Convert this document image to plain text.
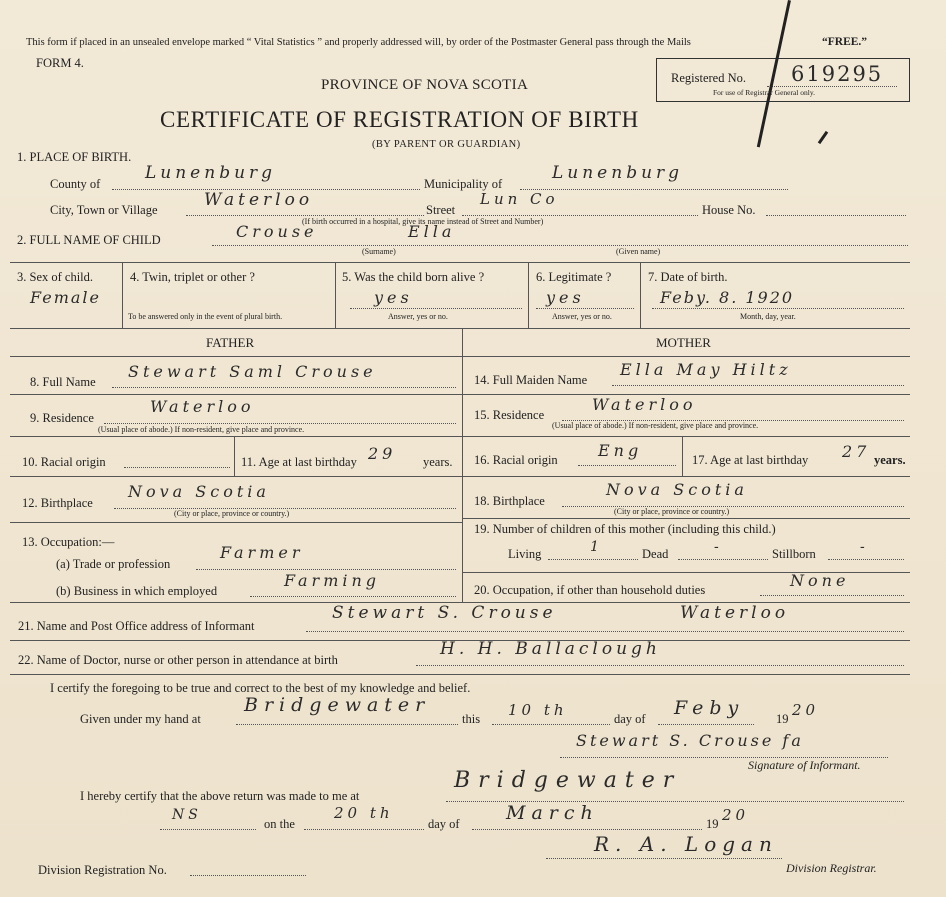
This form if placed in an unsealed envelope marked “ Vital Statistics ” and properly addressed will, by order of the Postmaster General pass through the Mails	“FREE.”
FORM 4.
PROVINCE OF NOVA SCOTIA
CERTIFICATE OF REGISTRATION OF BIRTH
(BY PARENT OR GUARDIAN)
Registered No. 619295
For use of Registrar General only.
1. PLACE OF BIRTH.
County of
Lunenburg
Municipality of
Lunenburg
City, Town or Village	Waterloo	Street
Lun Co
House No.
(If birth occurred in a hospital, give its name instead of Street and Number)
2. FULL NAME OF CHILD	Crouse	Ella
(Surname)	(Given name)
3. Sex of child.
Female
4. Twin, triplet or other ?
To be answered only in the event of plural birth.
5. Was the child born alive ?
yes
Answer, yes or no.
6. Legitimate ?
yes
Answer, yes or no.
7. Date of birth.
Feby. 8. 1920
Month, day, year.
FATHER	MOTHER
8. Full Name
Stewart Saml Crouse
9. Residence
Waterloo
(Usual place of abode.) If non-resident, give place and province.
10. Racial origin	11. Age at last birthday 29 years.
12. Birthplace
Nova Scotia
(City or place, province or country.)
13. Occupation:—
(a) Trade or profession
Farmer
(b) Business in which employed
Farming
14. Full Maiden Name
Ella May Hiltz
15. Residence
Waterloo
(Usual place of abode.) If non-resident, give place and province.
16. Racial origin	Eng	17. Age at last birthday 27 years.
18. Birthplace
Nova Scotia
(City or place, province or country.)
19. Number of children of this mother (including this child.)
Living	1	Dead	-	Stillborn	-
20. Occupation, if other than household duties	None
21. Name and Post Office address of Informant
Stewart S. Crouse	Waterloo
22. Name of Doctor, nurse or other person in attendance at birth
H. H. Ballaclough
I certify the foregoing to be true and correct to the best of my knowledge and belief.
Given under my hand at
Bridgewater
this 10 th	day of Feby	19 20
Stewart S. Crouse fa
Signature of Informant.
I hereby certify that the above return was made to me at
Bridgewater
NS
on the
20 th
day of March	19 20
R. A. Logan
Division Registrar.
Division Registration No.
